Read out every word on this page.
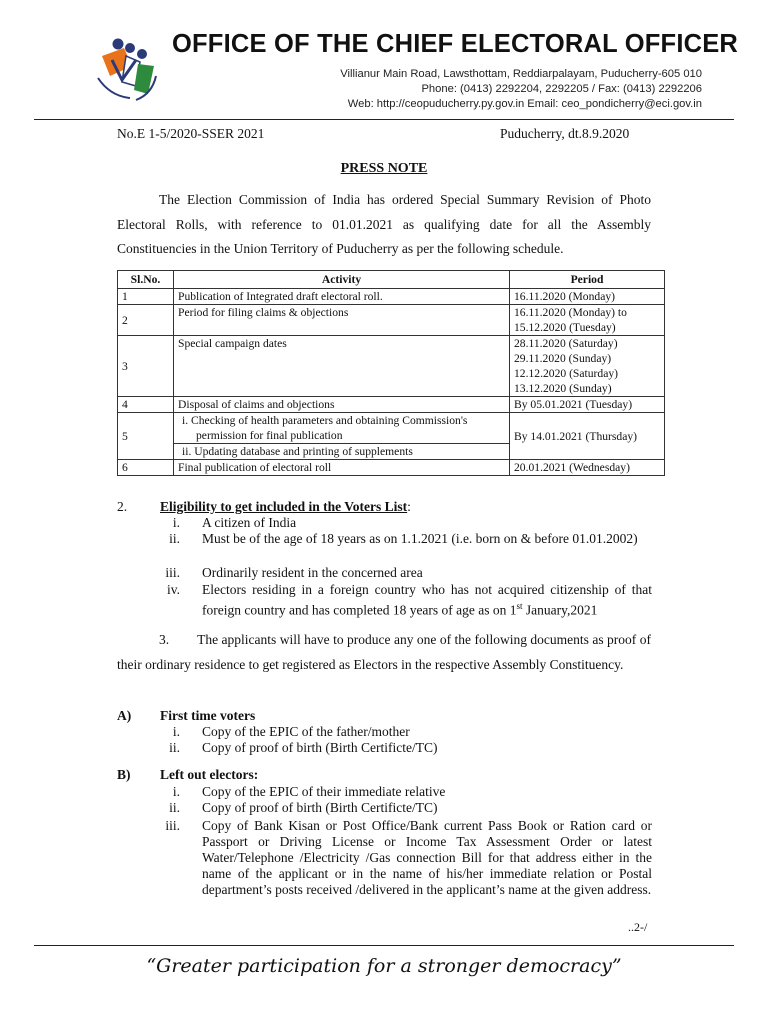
OFFICE OF THE CHIEF ELECTORAL OFFICER
Villianur Main Road, Lawsthottam, Reddiarpalayam, Puducherry-605 010
Phone: (0413) 2292204, 2292205 / Fax: (0413) 2292206
Web: http://ceopuducherry.py.gov.in Email: ceo_pondicherry@eci.gov.in
No.E 1-5/2020-SSER 2021	Puducherry, dt.8.9.2020
PRESS NOTE
The Election Commission of India has ordered Special Summary Revision of Photo Electoral Rolls, with reference to 01.01.2021 as qualifying date for all the Assembly Constituencies in the Union Territory of Puducherry as per the following schedule.
Sl.No.	Activity	Period
1	Publication of Integrated draft electoral roll.	16.11.2020 (Monday)
2	Period for filing claims & objections	16.11.2020 (Monday) to
15.12.2020 (Tuesday)

3	Special campaign dates	28.11.2020 (Saturday)
29.11.2020 (Sunday)
12.12.2020 (Saturday)
13.12.2020 (Sunday)

4	Disposal of claims and objections	By 05.01.2021 (Tuesday)
5	i. Checking of health parameters and obtaining Commission's
permission for final publication	By 14.01.2021 (Thursday)
	ii. Updating database and printing of supplements	
6	Final publication of electoral roll	20.01.2021 (Wednesday)
2. Eligibility to get included in the Voters List:
i. A citizen of India
ii. Must be of the age of 18 years as on 1.1.2021 (i.e. born on & before 01.01.2002)
iii. Ordinarily resident in the concerned area
iv. Electors residing in a foreign country who has not acquired citizenship of that foreign country and has completed 18 years of age as on 1st January,2021
3. The applicants will have to produce any one of the following documents as proof of their ordinary residence to get registered as Electors in the respective Assembly Constituency.
A) First time voters
i. Copy of the EPIC of the father/mother
ii. Copy of proof of birth (Birth Certificte/TC)
B) Left out electors:
i. Copy of the EPIC of their immediate relative
ii. Copy of proof of birth (Birth Certificte/TC)
iii. Copy of Bank Kisan or Post Office/Bank current Pass Book or Ration card or Passport or Driving License or Income Tax Assessment Order or latest Water/Telephone /Electricity /Gas connection Bill for that address either in the name of the applicant or in the name of his/her immediate relation or Postal department’s posts received /delivered in the applicant’s name at the given address.
..2-/
“Greater participation for a stronger democracy”
